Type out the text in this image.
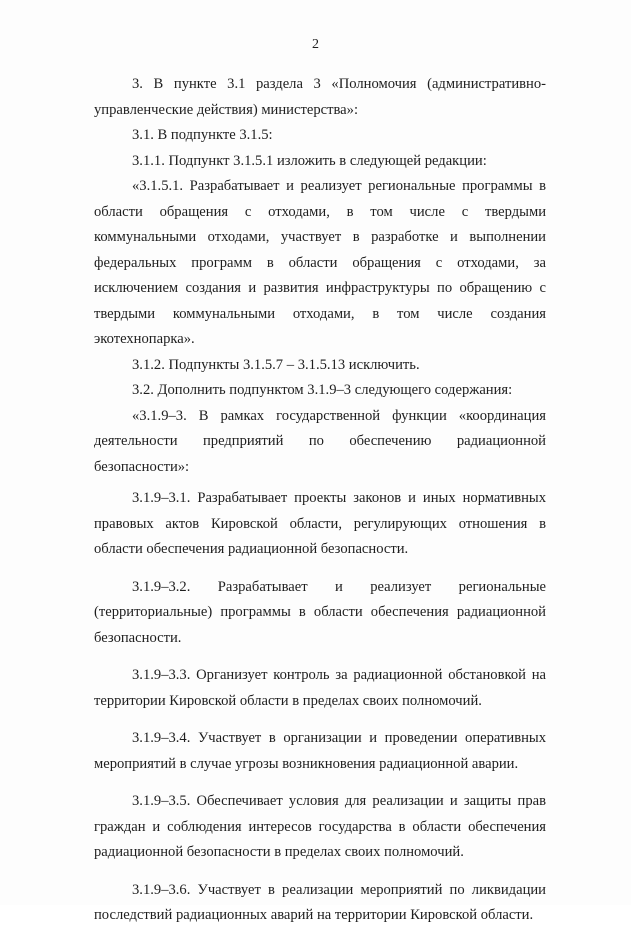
2

3. В пункте 3.1 раздела 3 «Полномочия (административно-управленческие действия) министерства»:

3.1. В подпункте 3.1.5:

3.1.1. Подпункт 3.1.5.1 изложить в следующей редакции:

«3.1.5.1. Разрабатывает и реализует региональные программы в области обращения с отходами, в том числе с твердыми коммунальными отходами, участвует в разработке и выполнении федеральных программ в области обращения с отходами, за исключением создания и развития инфраструктуры по обращению с твердыми коммунальными отходами, в том числе создания экотехнопарка».

3.1.2. Подпункты 3.1.5.7 – 3.1.5.13 исключить.

3.2. Дополнить подпунктом 3.1.9–3 следующего содержания:

«3.1.9–3. В рамках государственной функции «координация деятельности предприятий по обеспечению радиационной безопасности»:

3.1.9–3.1. Разрабатывает проекты законов и иных нормативных правовых актов Кировской области, регулирующих отношения в области обеспечения радиационной безопасности.

3.1.9–3.2. Разрабатывает и реализует региональные (территориальные) программы в области обеспечения радиационной безопасности.

3.1.9–3.3. Организует контроль за радиационной обстановкой на территории Кировской области в пределах своих полномочий.

3.1.9–3.4. Участвует в организации и проведении оперативных мероприятий в случае угрозы возникновения радиационной аварии.

3.1.9–3.5. Обеспечивает условия для реализации и защиты прав граждан и соблюдения интересов государства в области обеспечения радиационной безопасности в пределах своих полномочий.

3.1.9–3.6. Участвует в реализации мероприятий по ликвидации последствий радиационных аварий на территории Кировской области.
